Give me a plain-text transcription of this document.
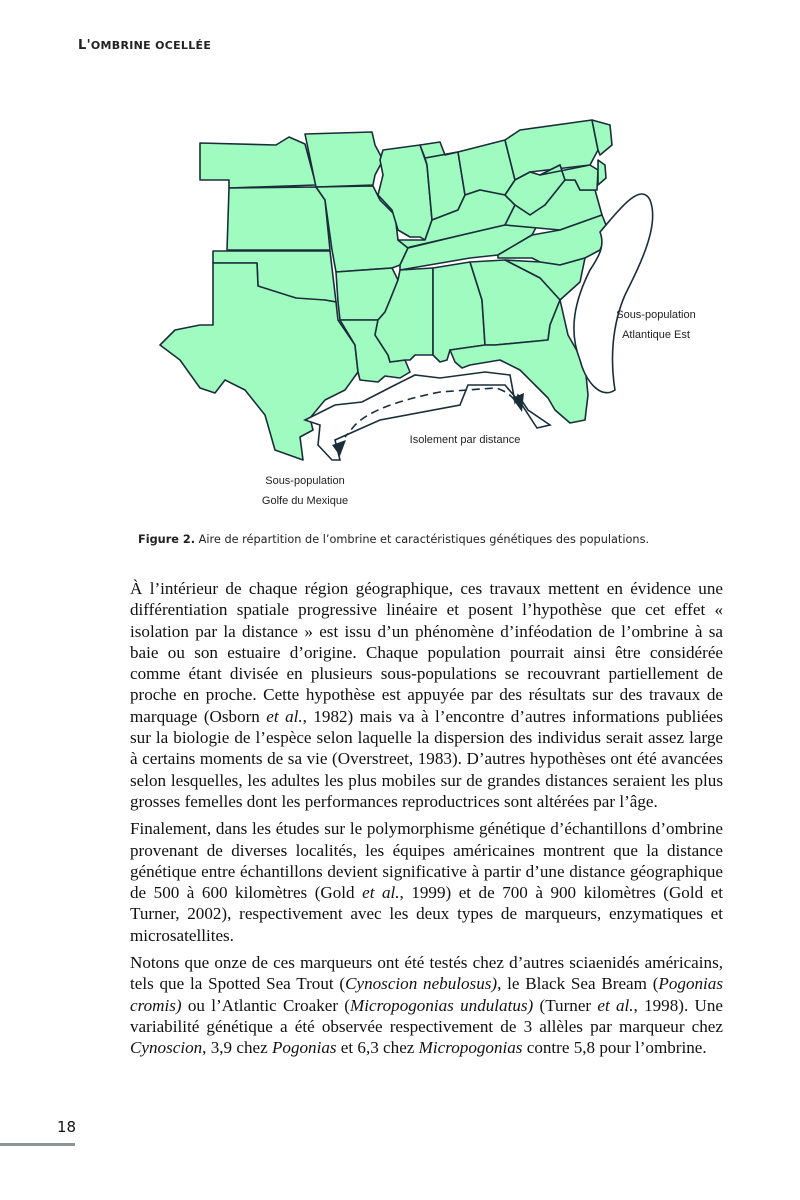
L'OMBRINE OCELLÉE
Sous-population
Atlantique Est
Isolement par distance
Sous-population
Golfe du Mexique
Figure 2. Aire de répartition de l’ombrine et caractéristiques génétiques des populations.

À l’intérieur de chaque région géographique, ces travaux mettent en évidence une différentiation spatiale progressive linéaire et posent l’hypothèse que cet effet « isolation par la distance » est issu d’un phénomène d’inféodation de l’ombrine à sa baie ou son estuaire d’origine. Chaque population pourrait ainsi être considérée comme étant divisée en plusieurs sous-populations se recouvrant partiellement de proche en proche. Cette hypothèse est appuyée par des résultats sur des travaux de marquage (Osborn et al., 1982) mais va à l’encontre d’autres informations publiées sur la biologie de l’espèce selon laquelle la dispersion des individus serait assez large à certains moments de sa vie (Overstreet, 1983). D’autres hypothèses ont été avancées selon lesquelles, les adultes les plus mobiles sur de grandes distances seraient les plus grosses femelles dont les performances reproductrices sont altérées par l’âge.

Finalement, dans les études sur le polymorphisme génétique d’échantillons d’ombrine provenant de diverses localités, les équipes américaines montrent que la distance génétique entre échantillons devient significative à partir d’une distance géographique de 500 à 600 kilomètres (Gold et al., 1999) et de 700 à 900 kilomètres (Gold et Turner, 2002), respectivement avec les deux types de marqueurs, enzymatiques et microsatellites.

Notons que onze de ces marqueurs ont été testés chez d’autres sciaenidés américains, tels que la Spotted Sea Trout (Cynoscion nebulosus), le Black Sea Bream (Pogonias cromis) ou l’Atlantic Croaker (Micropogonias undulatus) (Turner et al., 1998). Une variabilité génétique a été observée respectivement de 3 allèles par marqueur chez Cynoscion, 3,9 chez Pogonias et 6,3 chez Micropogonias contre 5,8 pour l’ombrine.

18
